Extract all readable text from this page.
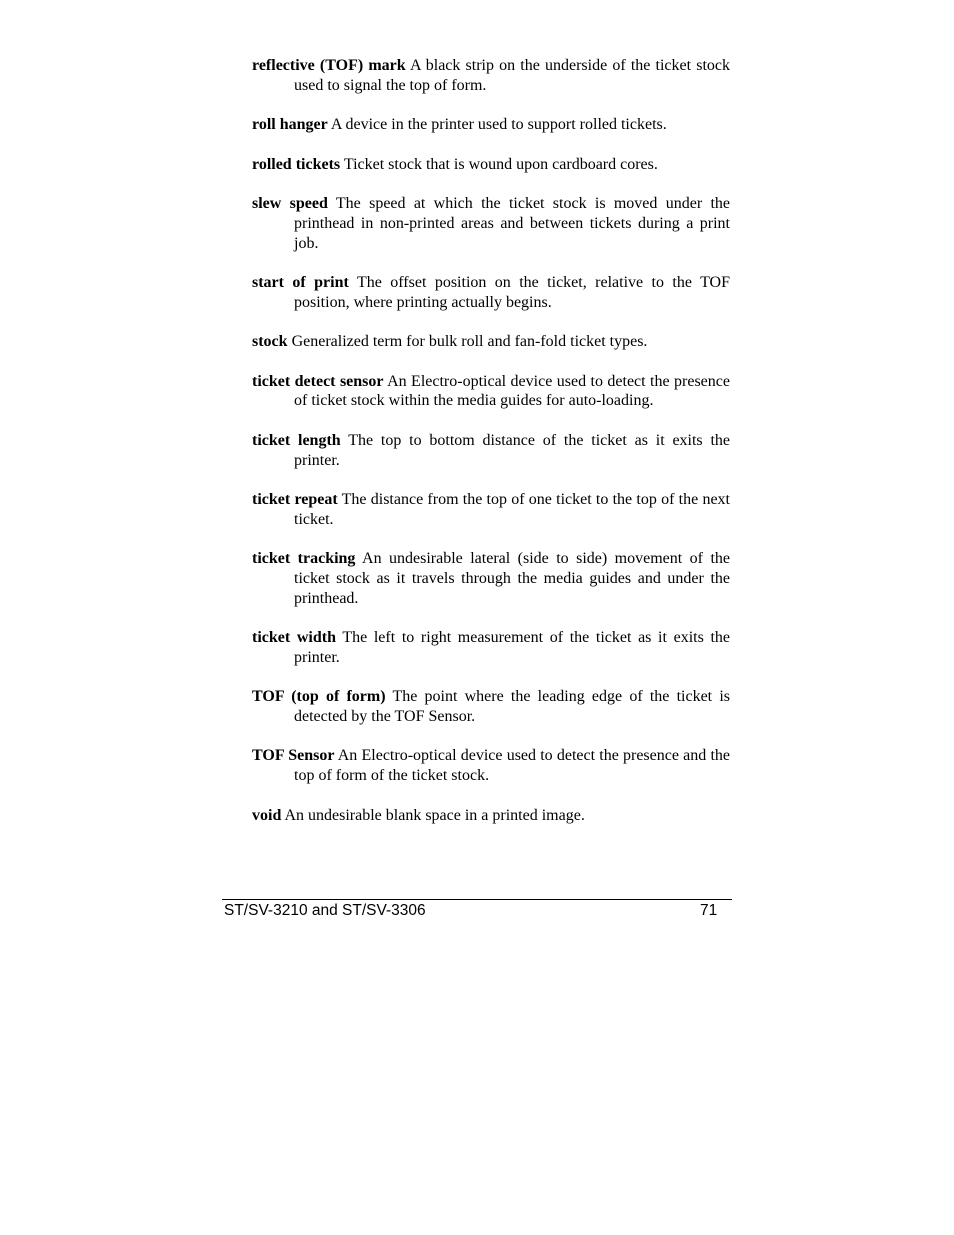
reflective (TOF) mark A black strip on the underside of the ticket stock used to signal the top of form.
roll hanger A device in the printer used to support rolled tickets.
rolled tickets Ticket stock that is wound upon cardboard cores.
slew speed The speed at which the ticket stock is moved under the printhead in non-printed areas and between tickets during a print job.
start of print The offset position on the ticket, relative to the TOF position, where printing actually begins.
stock Generalized term for bulk roll and fan-fold ticket types.
ticket detect sensor An Electro-optical device used to detect the presence of ticket stock within the media guides for auto-loading.
ticket length The top to bottom distance of the ticket as it exits the printer.
ticket repeat The distance from the top of one ticket to the top of the next ticket.
ticket tracking An undesirable lateral (side to side) movement of the ticket stock as it travels through the media guides and under the printhead.
ticket width The left to right measurement of the ticket as it exits the printer.
TOF (top of form) The point where the leading edge of the ticket is detected by the TOF Sensor.
TOF Sensor An Electro-optical device used to detect the presence and the top of form of the ticket stock.
void An undesirable blank space in a printed image.
ST/SV-3210 and ST/SV-3306	71
